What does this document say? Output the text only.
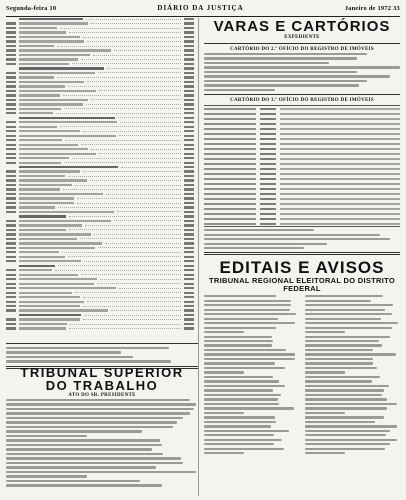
Segunda-feira 10	DIÁRIO DA JUSTIÇA	Janeiro de 1972 33
TRIBUNAL SUPERIOR
DO TRABALHO
ATO DO SR. PRESIDENTE
VARAS E CARTÓRIOS
EXPEDIENTE
CARTÓRIO DO 2.º OFÍCIO DO REGISTRO DE IMÓVEIS
CARTÓRIO DO 3.º OFÍCIO DO REGISTRO DE IMÓVEIS
EDITAIS E AVISOS
TRIBUNAL REGIONAL ELEITORAL DO DISTRITO FEDERAL
